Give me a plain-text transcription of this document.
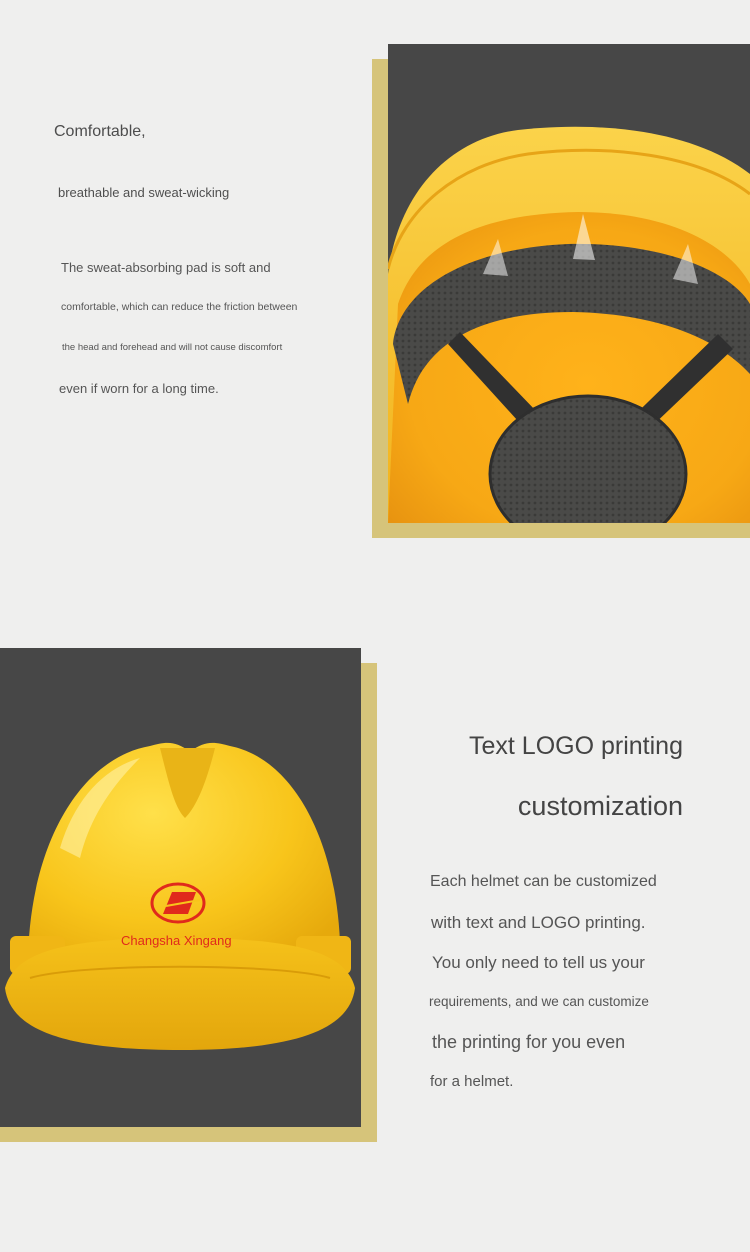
Comfortable,
breathable and sweat-wicking
The sweat-absorbing pad is soft and
comfortable, which can reduce the friction between
the head and forehead and will not cause discomfort
even if worn for a long time.
Changsha Xingang
Text LOGO printing
customization
Each helmet can be customized
with text and LOGO printing.
You only need to tell us your
requirements, and we can customize
the printing for you even
for a helmet.
